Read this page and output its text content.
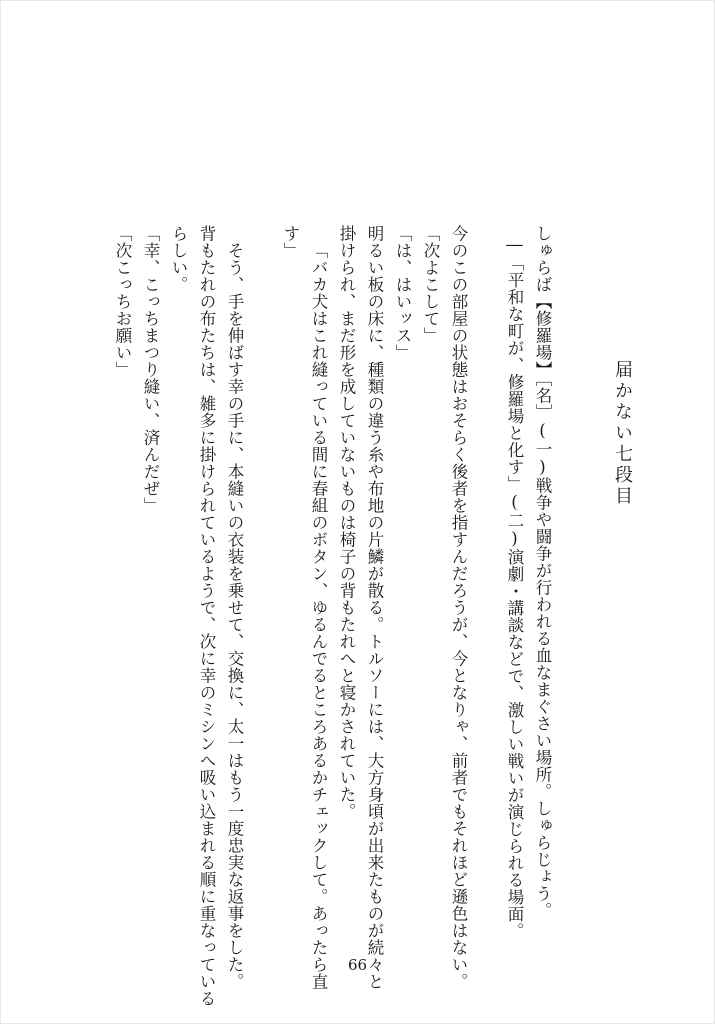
届かない七段目
しゅらば【修羅場】［名］(一)戦争や闘争が行われる血なまぐさい場所。しゅらじょう。
―「平和な町が、修羅場と化す」(二)演劇・講談などで、激しい戦いが演じられる場面。
今のこの部屋の状態はおそらく後者を指すんだろうが、今となりゃ、前者でもそれほど遜色はない。
「次よこして」
「は、はいッス」
明るい板の床に、種類の違う糸や布地の片鱗が散る。トルソーには、大方身頃が出来たものが続々と
掛けられ、まだ形を成していないものは椅子の背もたれへと寝かされていた。
「バカ犬はこれ縫っている間に春組のボタン、ゆるんでるところあるかチェックして。あったら直
す」
そう、手を伸ばす幸の手に、本縫いの衣装を乗せて、交換に、太一はもう一度忠実な返事をした。
背もたれの布たちは、雑多に掛けられているようで、次に幸のミシンへ吸い込まれる順に重なっている
らしい。
「幸、こっちまつり縫い、済んだぜ」
「次こっちお願い」
66
